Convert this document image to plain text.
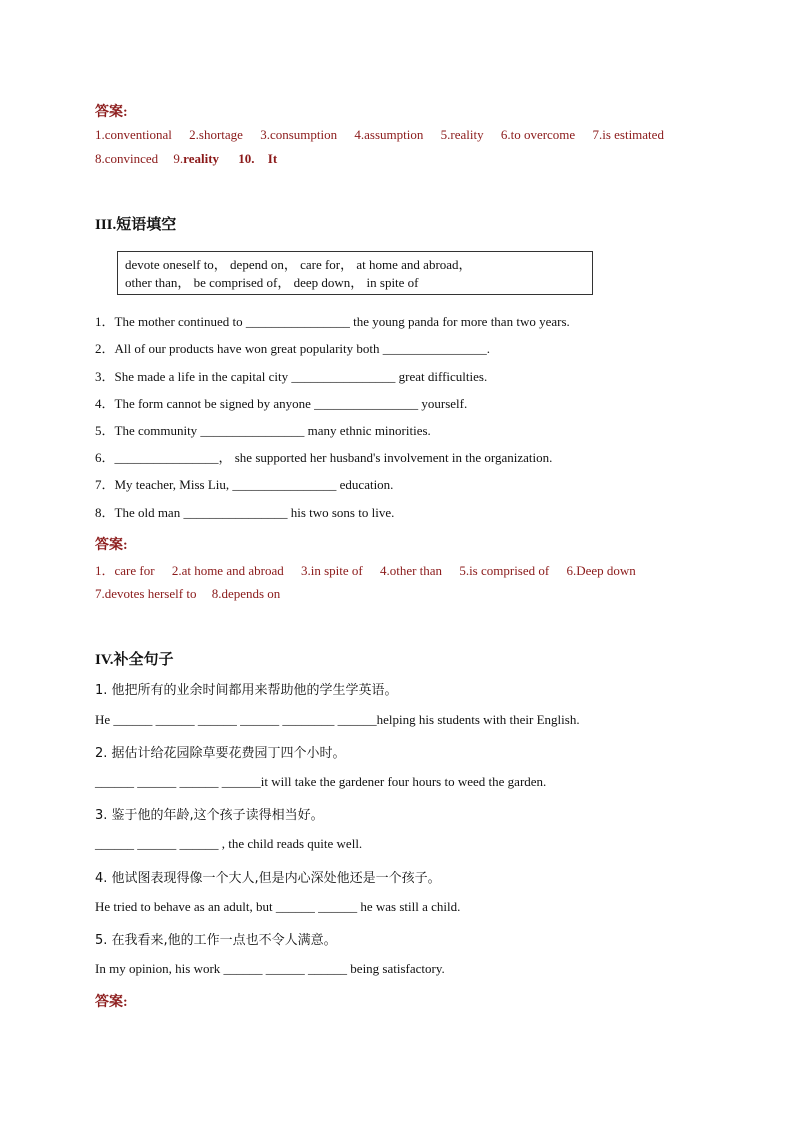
答案:
1.conventional 2.shortage 3.consumption 4.assumption 5.reality 6.to overcome 7.is estimated
8.convinced 9.reality 10. It
III.短语填空
devote oneself to， depend on， care for， at home and abroad，
other than， be comprised of， deep down， in spite of
1．The mother continued to ________________ the young panda for more than two years.
2．All of our products have won great popularity both ________________.
3．She made a life in the capital city ________________ great difficulties.
4．The form cannot be signed by anyone ________________ yourself.
5．The community ________________ many ethnic minorities.
6．________________， she supported her husband's involvement in the organization.
7．My teacher, Miss Liu, ________________ education.
8．The old man ________________ his two sons to live.
答案:
1．care for 2.at home and abroad 3.in spite of 4.other than 5.is comprised of 6.Deep down
7.devotes herself to 8.depends on
IV.补全句子
1. 他把所有的业余时间都用来帮助他的学生学英语。
He ______ ______ ______ ______ ________ ______helping his students with their English.
2. 据估计给花园除草要花费园丁四个小时。
______ ______ ______ ______it will take the gardener four hours to weed the garden.
3. 鉴于他的年龄,这个孩子读得相当好。
______ ______ ______ , the child reads quite well.
4. 他试图表现得像一个大人,但是内心深处他还是一个孩子。
He tried to behave as an adult, but ______ ______ he was still a child.
5. 在我看来,他的工作一点也不令人满意。
In my opinion, his work ______ ______ ______ being satisfactory.
答案:
